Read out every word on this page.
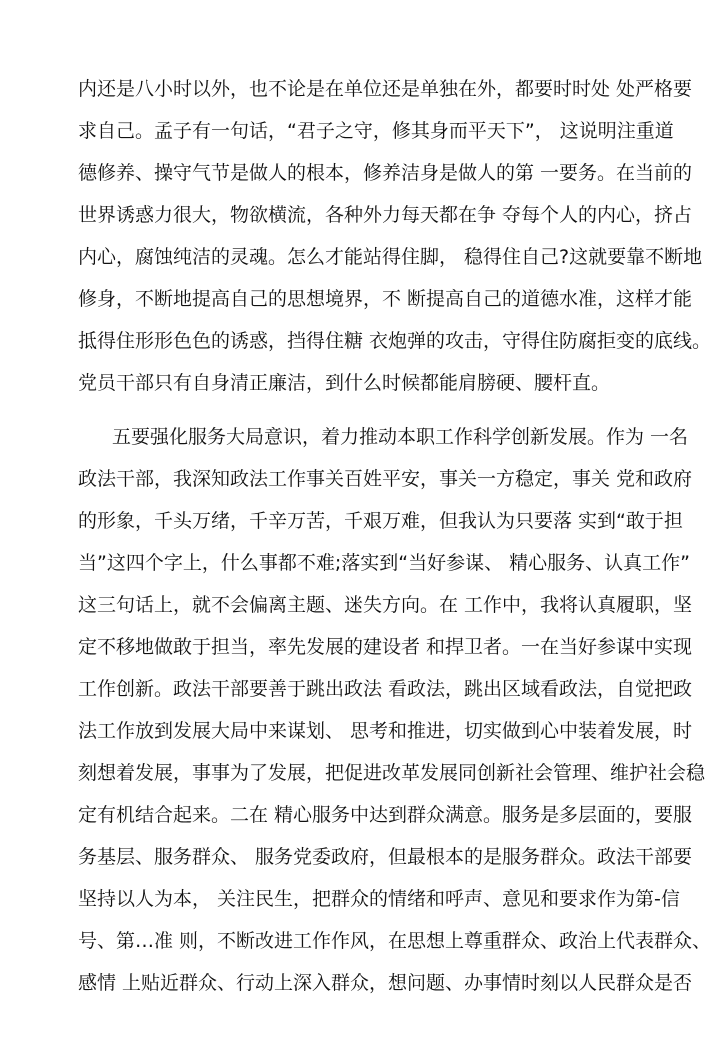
内还是八小时以外，也不论是在单位还是单独在外，都要时时处 处严格要
求自己。孟子有一句话，“君子之守，修其身而平天下”， 这说明注重道
德修养、操守气节是做人的根本，修养洁身是做人的第 一要务。在当前的
世界诱惑力很大，物欲横流，各种外力每天都在争 夺每个人的内心，挤占
内心，腐蚀纯洁的灵魂。怎么才能站得住脚， 稳得住自己?这就要靠不断地
修身，不断地提高自己的思想境界，不 断提高自己的道德水准，这样才能
抵得住形形色色的诱惑，挡得住糖 衣炮弹的攻击，守得住防腐拒变的底线。
党员干部只有自身清正廉洁，到什么时候都能肩膀硬、腰杆直。
五要强化服务大局意识，着力推动本职工作科学创新发展。作为 一名
政法干部，我深知政法工作事关百姓平安，事关一方稳定，事关 党和政府
的形象，千头万绪，千辛万苦，千艰万难，但我认为只要落 实到“敢于担
当”这四个字上，什么事都不难;落实到“当好参谋、 精心服务、认真工作”
这三句话上，就不会偏离主题、迷失方向。在 工作中，我将认真履职，坚
定不移地做敢于担当，率先发展的建设者 和捍卫者。一在当好参谋中实现
工作创新。政法干部要善于跳出政法 看政法，跳出区域看政法，自觉把政
法工作放到发展大局中来谋划、 思考和推进，切实做到心中装着发展，时
刻想着发展，事事为了发展，把促进改革发展同创新社会管理、维护社会稳
定有机结合起来。二在 精心服务中达到群众满意。服务是多层面的，要服
务基层、服务群众、 服务党委政府，但最根本的是服务群众。政法干部要
坚持以人为本， 关注民生，把群众的情绪和呼声、意见和要求作为第-信
号、第…准 则，不断改进工作作风，在思想上尊重群众、政治上代表群众、
感情 上贴近群众、行动上深入群众，想问题、办事情时刻以人民群众是否
